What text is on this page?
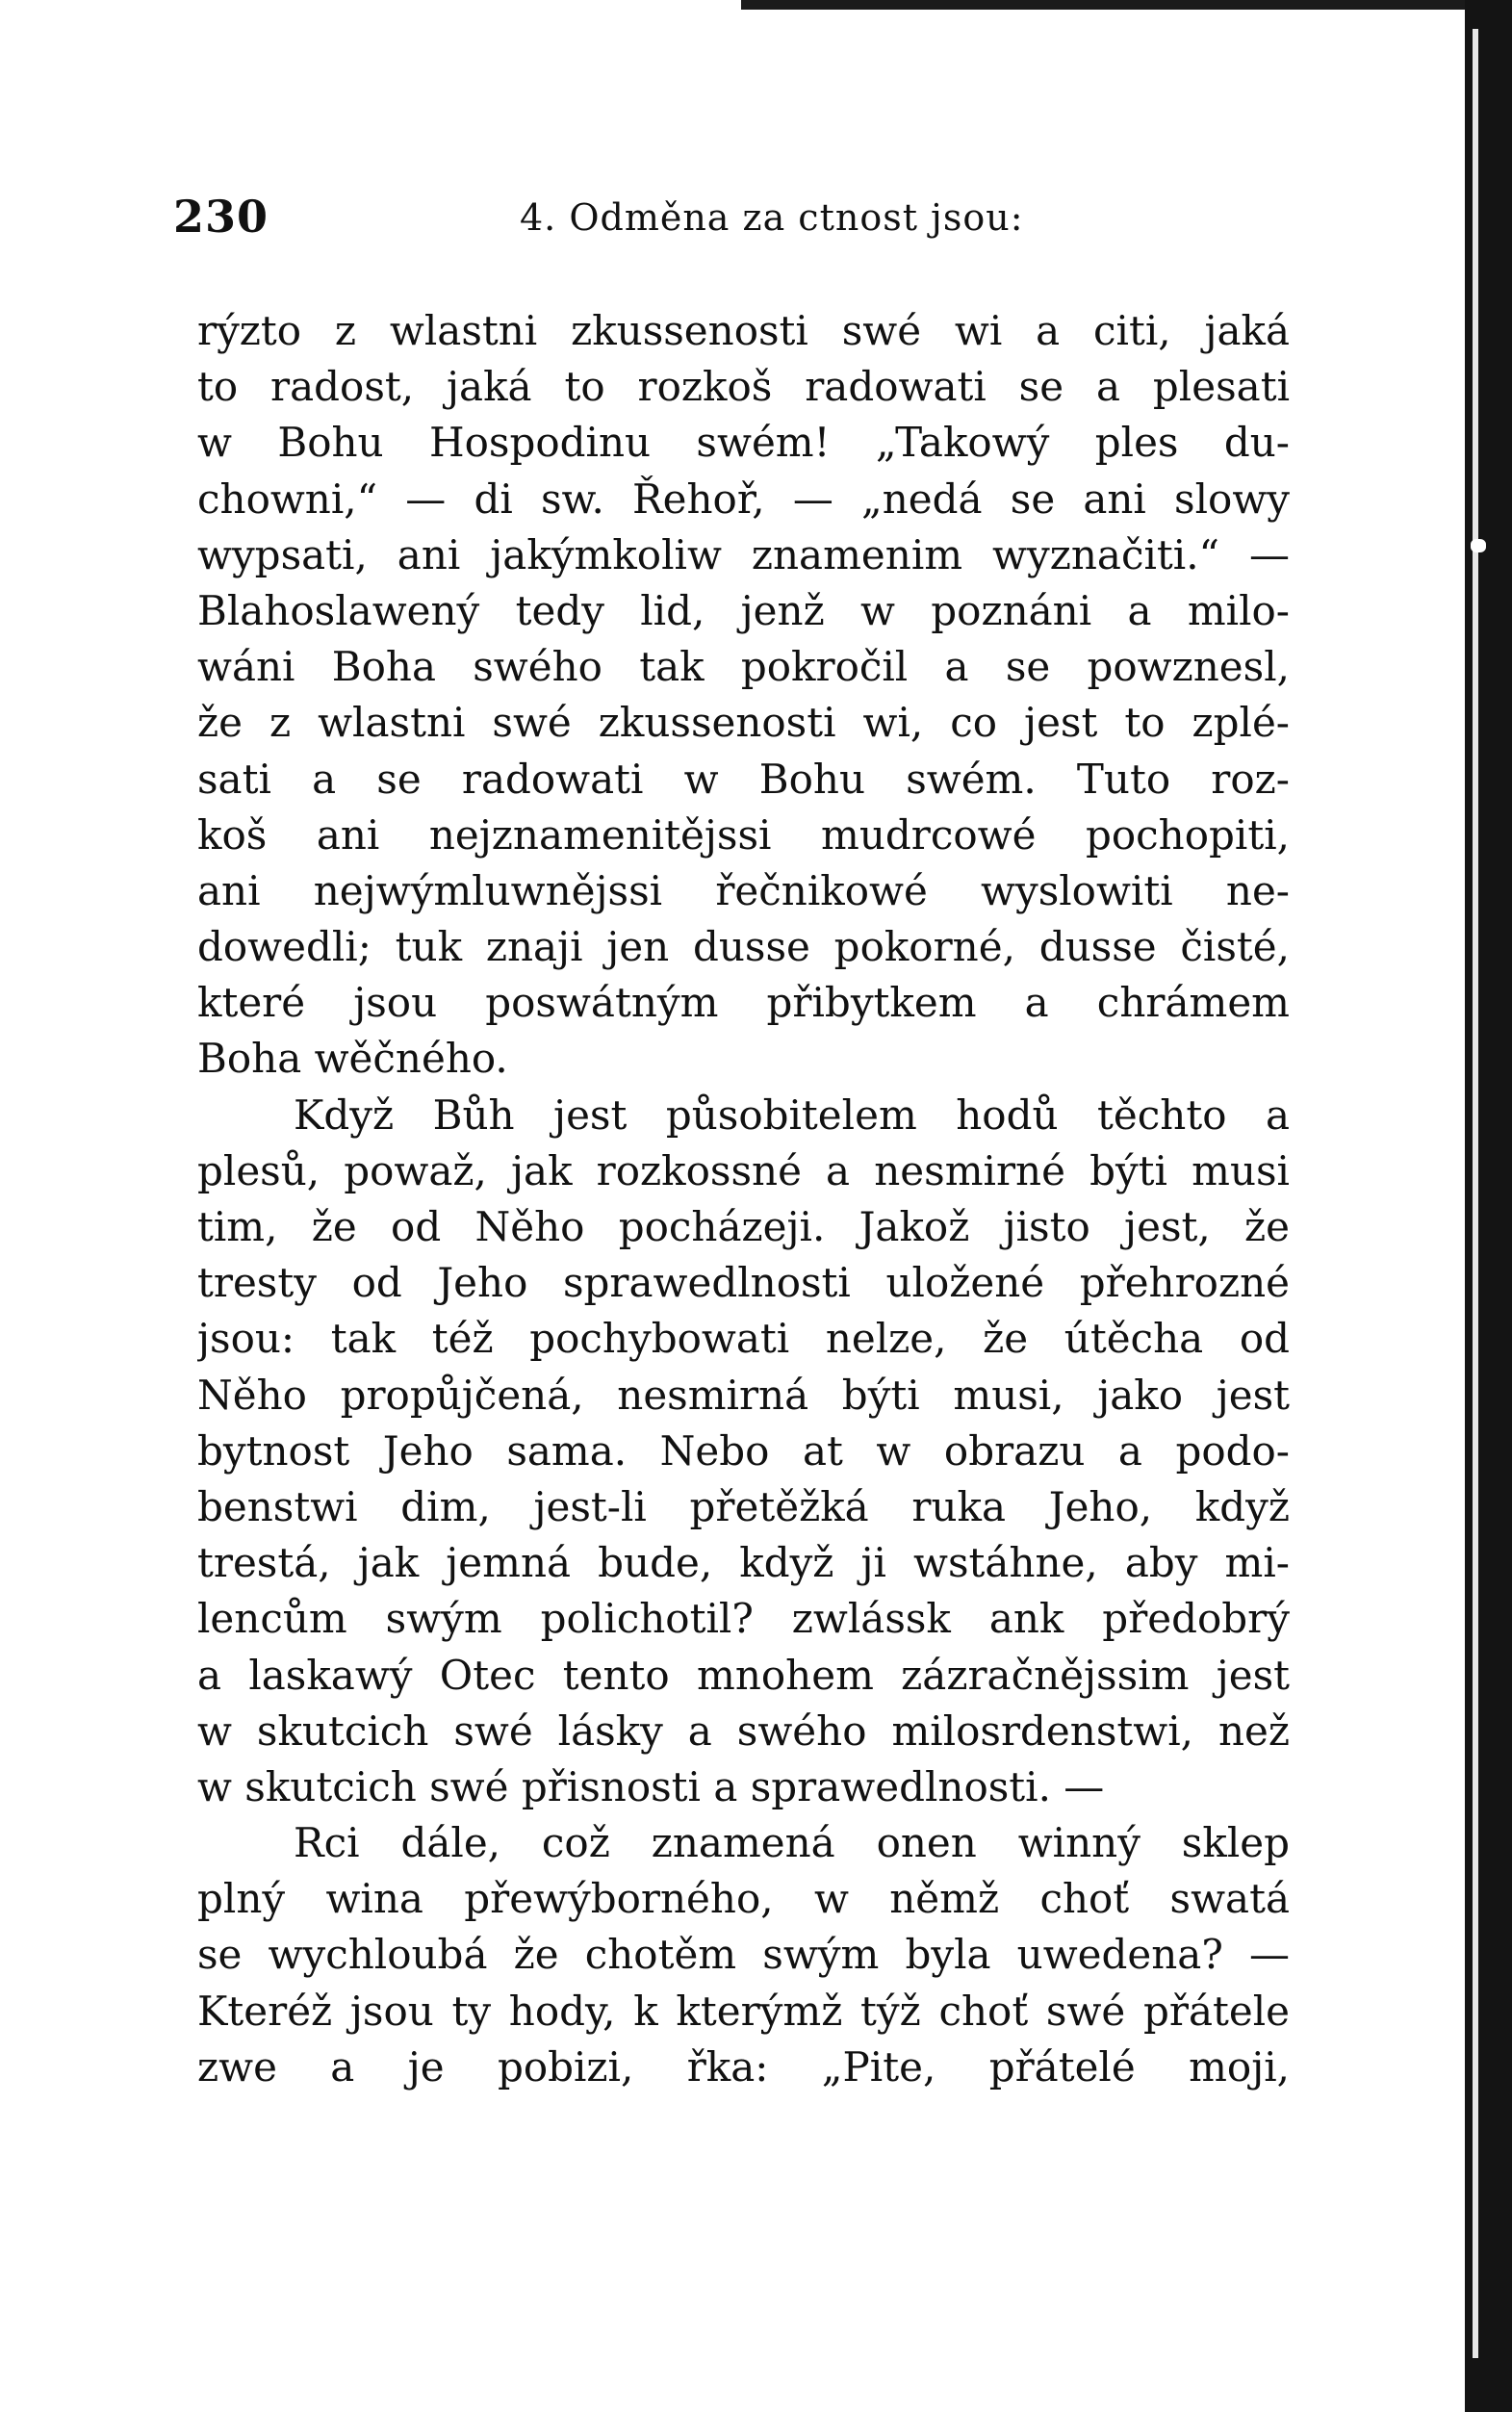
230	4. Odměna za ctnost jsou:
rýzto z wlastni zkussenosti swé wi a citi, jaká
to radost, jaká to rozkoš radowati se a plesati
w Bohu Hospodinu swém! „Takowý ples du-
chowni,“ — di sw. Řehoř, — „nedá se ani slowy
wypsati, ani jakýmkoliw znamenim wyznačiti.“ —
Blahoslawený tedy lid, jenž w poznáni a milo-
wáni Boha swého tak pokročil a se powznesl,
že z wlastni swé zkussenosti wi, co jest to zplé-
sati a se radowati w Bohu swém. Tuto roz-
koš ani nejznamenitějssi mudrcowé pochopiti,
ani nejwýmluwnějssi řečnikowé wyslowiti ne-
dowedli; tuk znaji jen dusse pokorné, dusse čisté,
které jsou poswátným přibytkem a chrámem
Boha wěčného.
Když Bůh jest působitelem hodů těchto a
plesů, powaž, jak rozkossné a nesmirné býti musi
tim, že od Něho pocházeji. Jakož jisto jest, že
tresty od Jeho sprawedlnosti uložené přehrozné
jsou: tak též pochybowati nelze, že útěcha od
Něho propůjčená, nesmirná býti musi, jako jest
bytnost Jeho sama. Nebo at w obrazu a podo-
benstwi dim, jest-li přetěžká ruka Jeho, když
trestá, jak jemná bude, když ji wstáhne, aby mi-
lencům swým polichotil? zwlássk ank předobrý
a laskawý Otec tento mnohem zázračnějssim jest
w skutcich swé lásky a swého milosrdenstwi, než
w skutcich swé přisnosti a sprawedlnosti. —
Rci dále, což znamená onen winný sklep
plný wina přewýborného, w němž choť swatá
se wychloubá že chotěm swým byla uwedena? —
Kteréž jsou ty hody, k kterýmž týž choť swé přátele
zwe a je pobizi, řka: „Pite, přátelé moji,
